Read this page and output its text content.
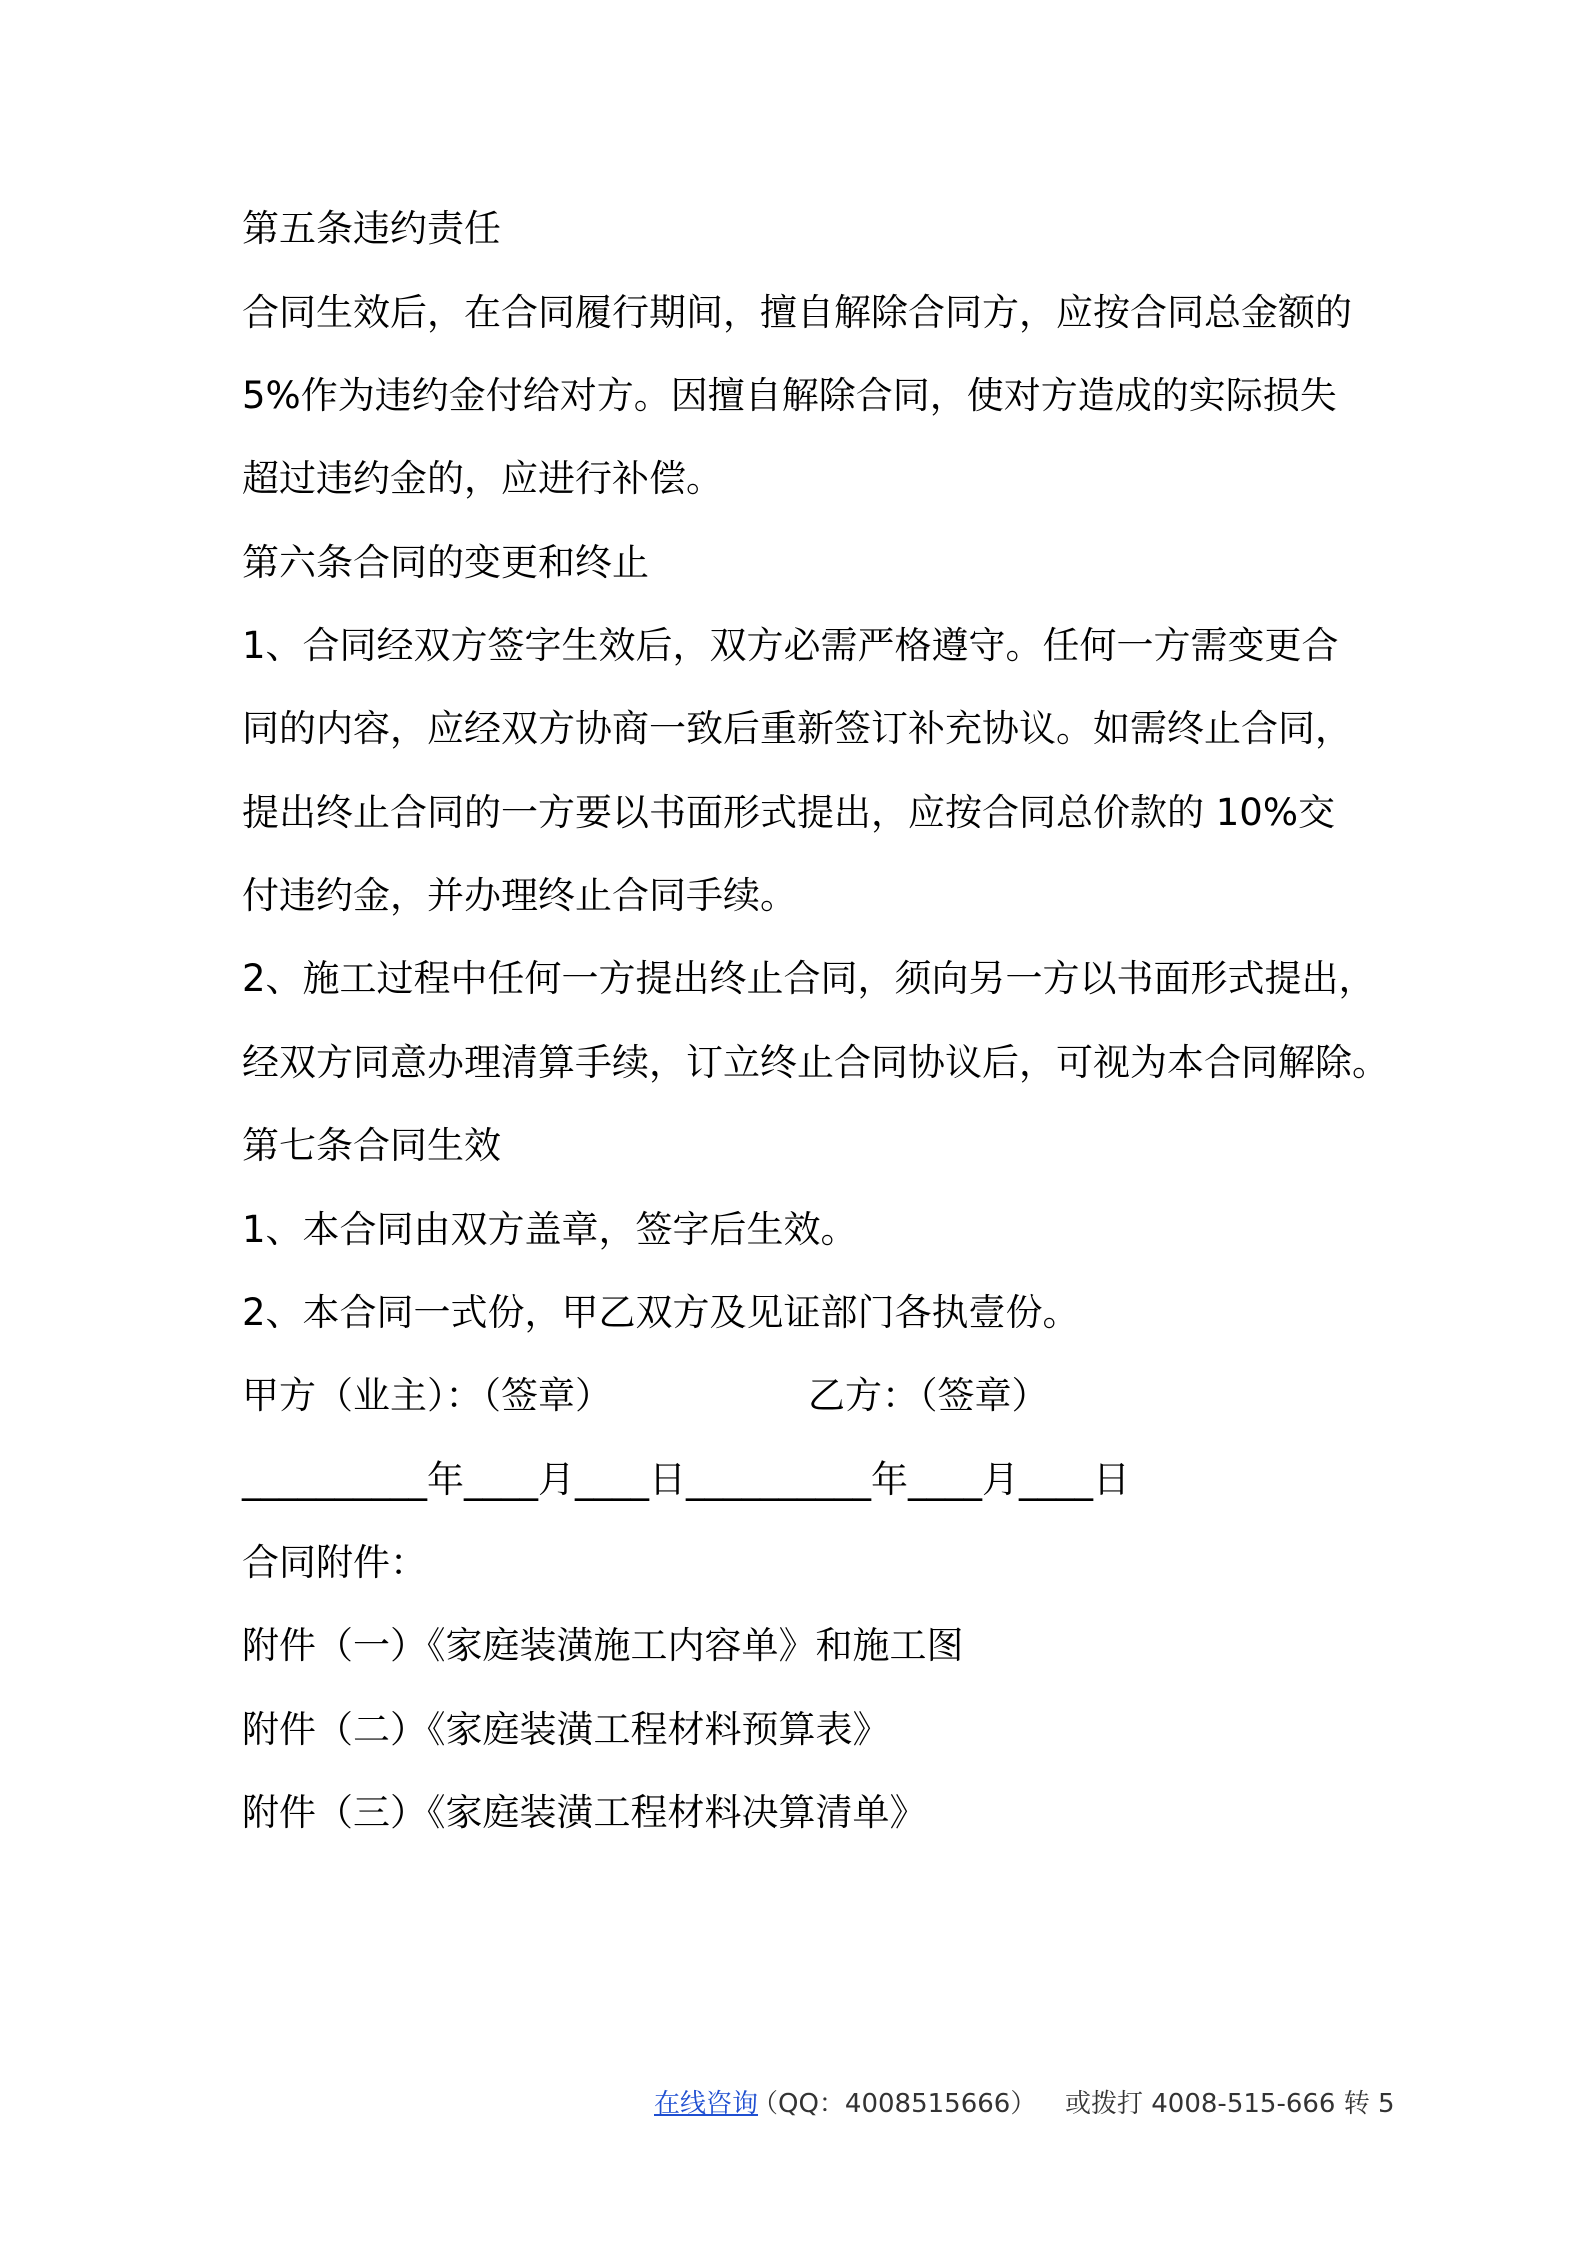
第五条违约责任
合同生效后，在合同履行期间，擅自解除合同方，应按合同总金额的
5%作为违约金付给对方。因擅自解除合同，使对方造成的实际损失
超过违约金的，应进行补偿。
第六条合同的变更和终止
1、合同经双方签字生效后，双方必需严格遵守。任何一方需变更合
同的内容，应经双方协商一致后重新签订补充协议。如需终止合同，
提出终止合同的一方要以书面形式提出，应按合同总价款的 10%交
付违约金，并办理终止合同手续。
2、施工过程中任何一方提出终止合同，须向另一方以书面形式提出，
经双方同意办理清算手续，订立终止合同协议后，可视为本合同解除。
第七条合同生效
1、本合同由双方盖章，签字后生效。
2、本合同一式份，甲乙双方及见证部门各执壹份。
甲方（业主）：（签章）	乙方：（签章）
__________年____月____日__________年____月____日
合同附件：
附件（一）《家庭装潢施工内容单》和施工图
附件（二）《家庭装潢工程材料预算表》
附件（三）《家庭装潢工程材料决算清单》
在线咨询
（QQ：4008515666） 或拨打 4008-515-666 转 5
